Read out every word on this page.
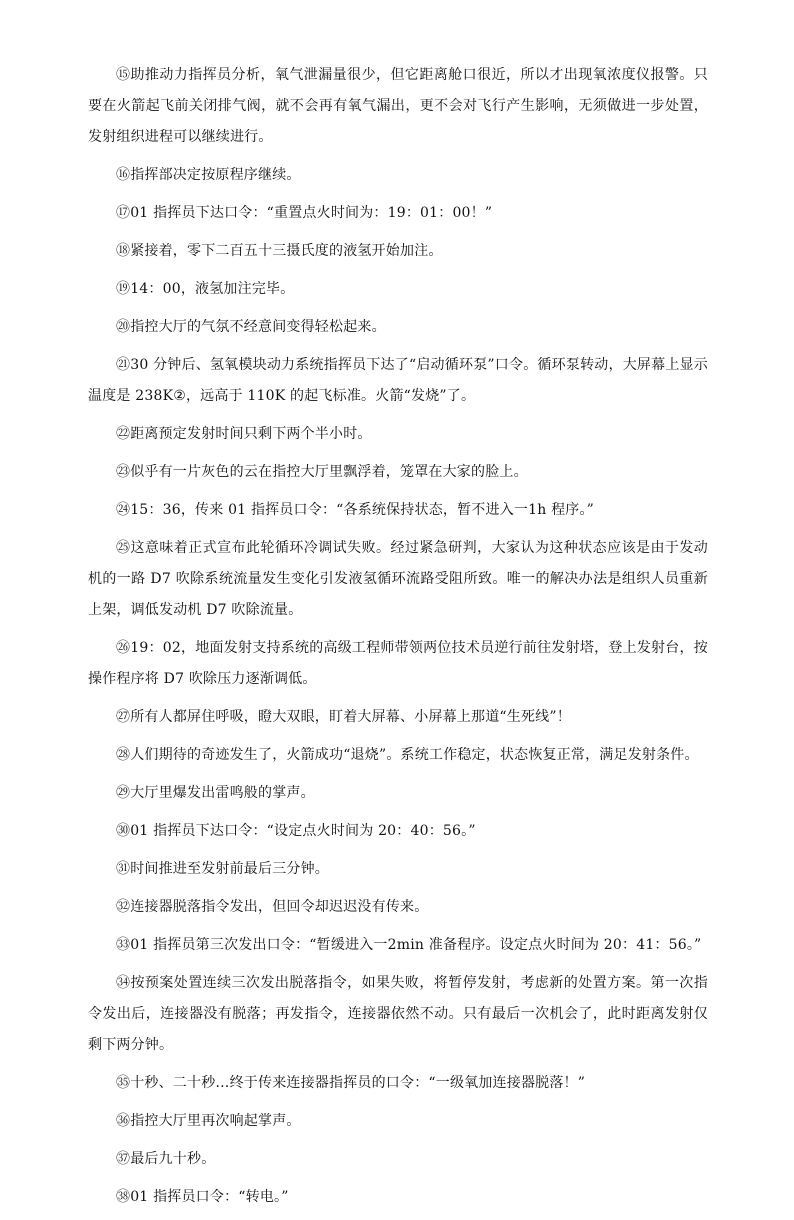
⑮助推动力指挥员分析，氧气泄漏量很少，但它距离舱口很近，所以才出现氧浓度仪报警。只要在火箭起飞前关闭排气阀，就不会再有氧气漏出，更不会对飞行产生影响，无须做进一步处置，发射组织进程可以继续进行。

⑯指挥部决定按原程序继续。

⑰01 指挥员下达口令：“重置点火时间为：19：01：00！”

⑱紧接着，零下二百五十三摄氏度的液氢开始加注。

⑲14：00，液氢加注完毕。

⑳指控大厅的气氛不经意间变得轻松起来。

㉑30 分钟后、氢氧模块动力系统指挥员下达了“启动循环泵”口令。循环泵转动，大屏幕上显示温度是 238K②，远高于 110K 的起飞标准。火箭“发烧”了。

㉒距离预定发射时间只剩下两个半小时。

㉓似乎有一片灰色的云在指控大厅里飘浮着，笼罩在大家的脸上。

㉔15：36，传来 01 指挥员口令：“各系统保持状态，暂不进入一1h 程序。”

㉕这意味着正式宣布此轮循环冷调试失败。经过紧急研判，大家认为这种状态应该是由于发动机的一路 D7 吹除系统流量发生变化引发液氢循环流路受阻所致。唯一的解决办法是组织人员重新上架，调低发动机 D7 吹除流量。

㉖19：02，地面发射支持系统的高级工程师带领两位技术员逆行前往发射塔，登上发射台，按操作程序将 D7 吹除压力逐渐调低。

㉗所有人都屏住呼吸，瞪大双眼，盯着大屏幕、小屏幕上那道“生死线”！

㉘人们期待的奇迹发生了，火箭成功“退烧”。系统工作稳定，状态恢复正常，满足发射条件。

㉙大厅里爆发出雷鸣般的掌声。

㉚01 指挥员下达口令：“设定点火时间为 20：40：56。”

㉛时间推进至发射前最后三分钟。

㉜连接器脱落指令发出，但回令却迟迟没有传来。

㉝01 指挥员第三次发出口令：“暂缓进入一2min 准备程序。设定点火时间为 20：41：56。”

㉞按预案处置连续三次发出脱落指令，如果失败，将暂停发射，考虑新的处置方案。第一次指令发出后，连接器没有脱落；再发指令，连接器依然不动。只有最后一次机会了，此时距离发射仅剩下两分钟。

㉟十秒、二十秒…终于传来连接器指挥员的口令：“一级氧加连接器脱落！”

㊱指控大厅里再次响起掌声。

㊲最后九十秒。

㊳01 指挥员口令：“转电。”
